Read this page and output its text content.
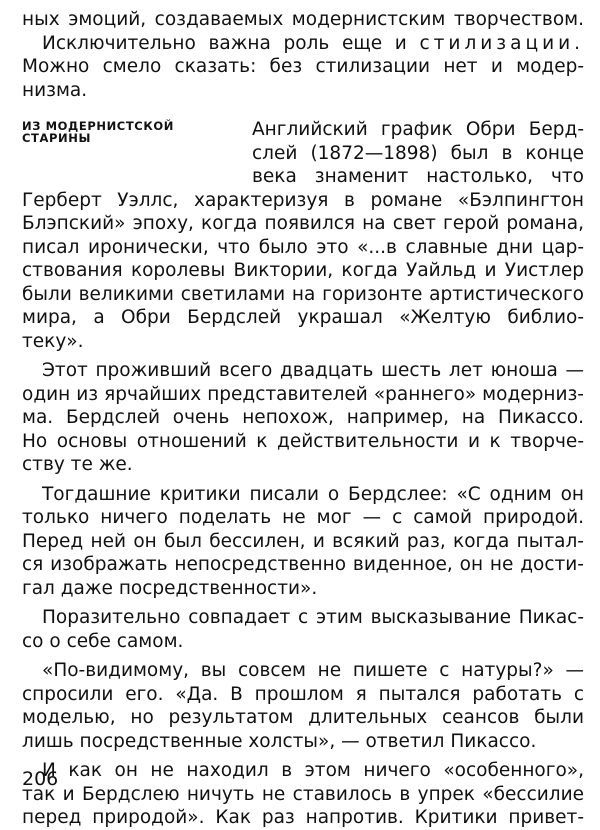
ных эмоций, создаваемых модернистским творчеством.
Исключительно важна роль еще и стилизации.
Можно смело сказать: без стилизации нет и модер-
низма.
ИЗ МОДЕРНИСТСКОЙ
СТАРИНЫ	Английский график Обри Берд-
слей (1872—1898) был в конце
века знаменит настолько, что
Герберт Уэллс, характеризуя в романе «Бэлпингтон
Блэпский» эпоху, когда появился на свет герой романа,
писал иронически, что было это «...в славные дни цар-
ствования королевы Виктории, когда Уайльд и Уистлер
были великими светилами на горизонте артистического
мира, а Обри Бердслей украшал «Желтую библио-
теку».
Этот проживший всего двадцать шесть лет юноша —
один из ярчайших представителей «раннего» модерниз-
ма. Бердслей очень непохож, например, на Пикассо.
Но основы отношений к действительности и к творче-
ству те же.
Тогдашние критики писали о Бердслее: «С одним он
только ничего поделать не мог — с самой природой.
Перед ней он был бессилен, и всякий раз, когда пытал-
ся изображать непосредственно виденное, он не дости-
гал даже посредственности».
Поразительно совпадает с этим высказывание Пикас-
со о себе самом.
«По-видимому, вы совсем не пишете с натуры?» —
спросили его. «Да. В прошлом я пытался работать с
моделью, но результатом длительных сеансов были
лишь посредственные холсты», — ответил Пикассо.
И как он не находил в этом ничего «особенного»,
так и Бердслею ничуть не ставилось в упрек «бессилие
перед природой». Как раз напротив. Критики привет-
206
